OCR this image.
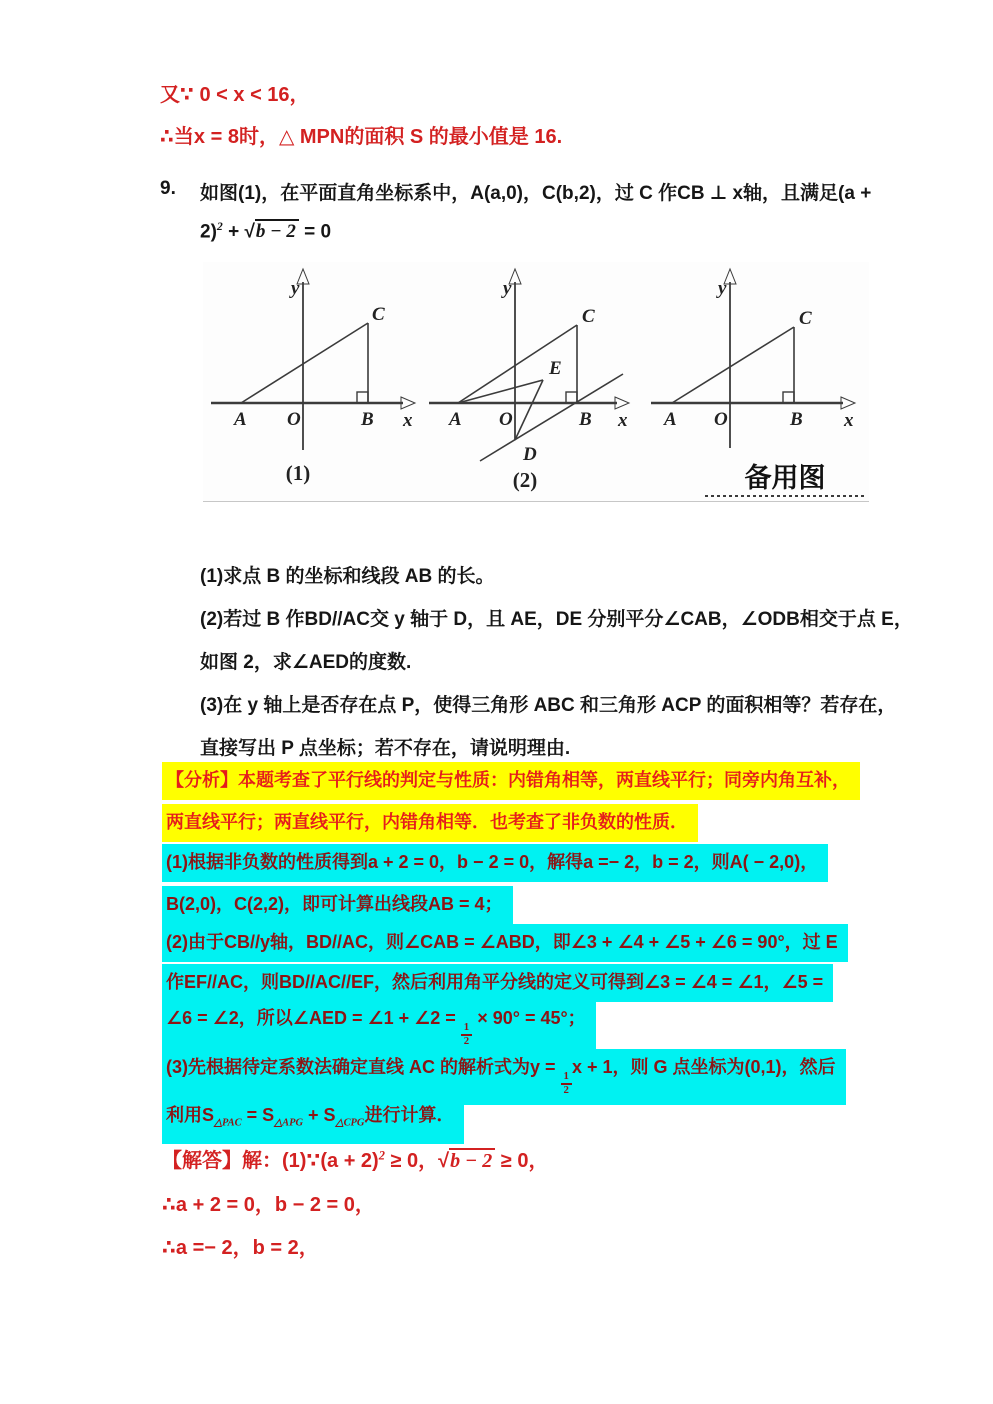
又∵ 0 < x < 16，
∴当x = 8时，△ MPN的面积 S 的最小值是 16.
9. 如图(1)，在平面直角坐标系中，A(a,0)，C(b,2)，过 C 作CB ⊥ x轴，且满足(a +
2)$^2$ + √b − 2 = 0
y
x
A O	B
C
(1)
y
x
A O	B
C
E
D
(2)
y
x
A O	B
C
备用图
(1)求点 B 的坐标和线段 AB 的长。
(2)若过 B 作BD//AC交 y 轴于 D，且 AE，DE 分别平分∠CAB，∠ODB相交于点 E，
如图 2，求∠AED的度数.
(3)在 y 轴上是否存在点 P，使得三角形 ABC 和三角形 ACP 的面积相等？若存在，
直接写出 P 点坐标；若不存在，请说明理由.
【分析】本题考查了平行线的判定与性质：内错角相等，两直线平行；同旁内角互补，
两直线平行；两直线平行，内错角相等．也考查了非负数的性质．
(1)根据非负数的性质得到a + 2 = 0，b − 2 = 0，解得a =− 2，b = 2，则A( − 2,0)，
B(2,0)，C(2,2)，即可计算出线段AB = 4；
(2)由于CB//y轴，BD//AC，则∠CAB = ∠ABD，即∠3 + ∠4 + ∠5 + ∠6 = 90°，过 E
作EF//AC，则BD//AC//EF，然后利用角平分线的定义可得到∠3 = ∠4 = ∠1，∠5 =
∠6 = ∠2，所以∠AED = ∠1 + ∠2 =
$\frac{1}{2}$
× 90° = 45°；
(3)先根据待定系数法确定直线 AC 的解析式为y =
$\frac{1}{2}$
x + 1，则 G 点坐标为(0,1)，然后
利用$S_{\triangle PAC} = S_{\triangle APG} + S_{\triangle CPG}$进行计算．
【解答】解：(1)∵(a + 2)$^2$ ≥ 0，√b − 2 ≥ 0，
∴a + 2 = 0，b − 2 = 0，
∴a =− 2，b = 2，
